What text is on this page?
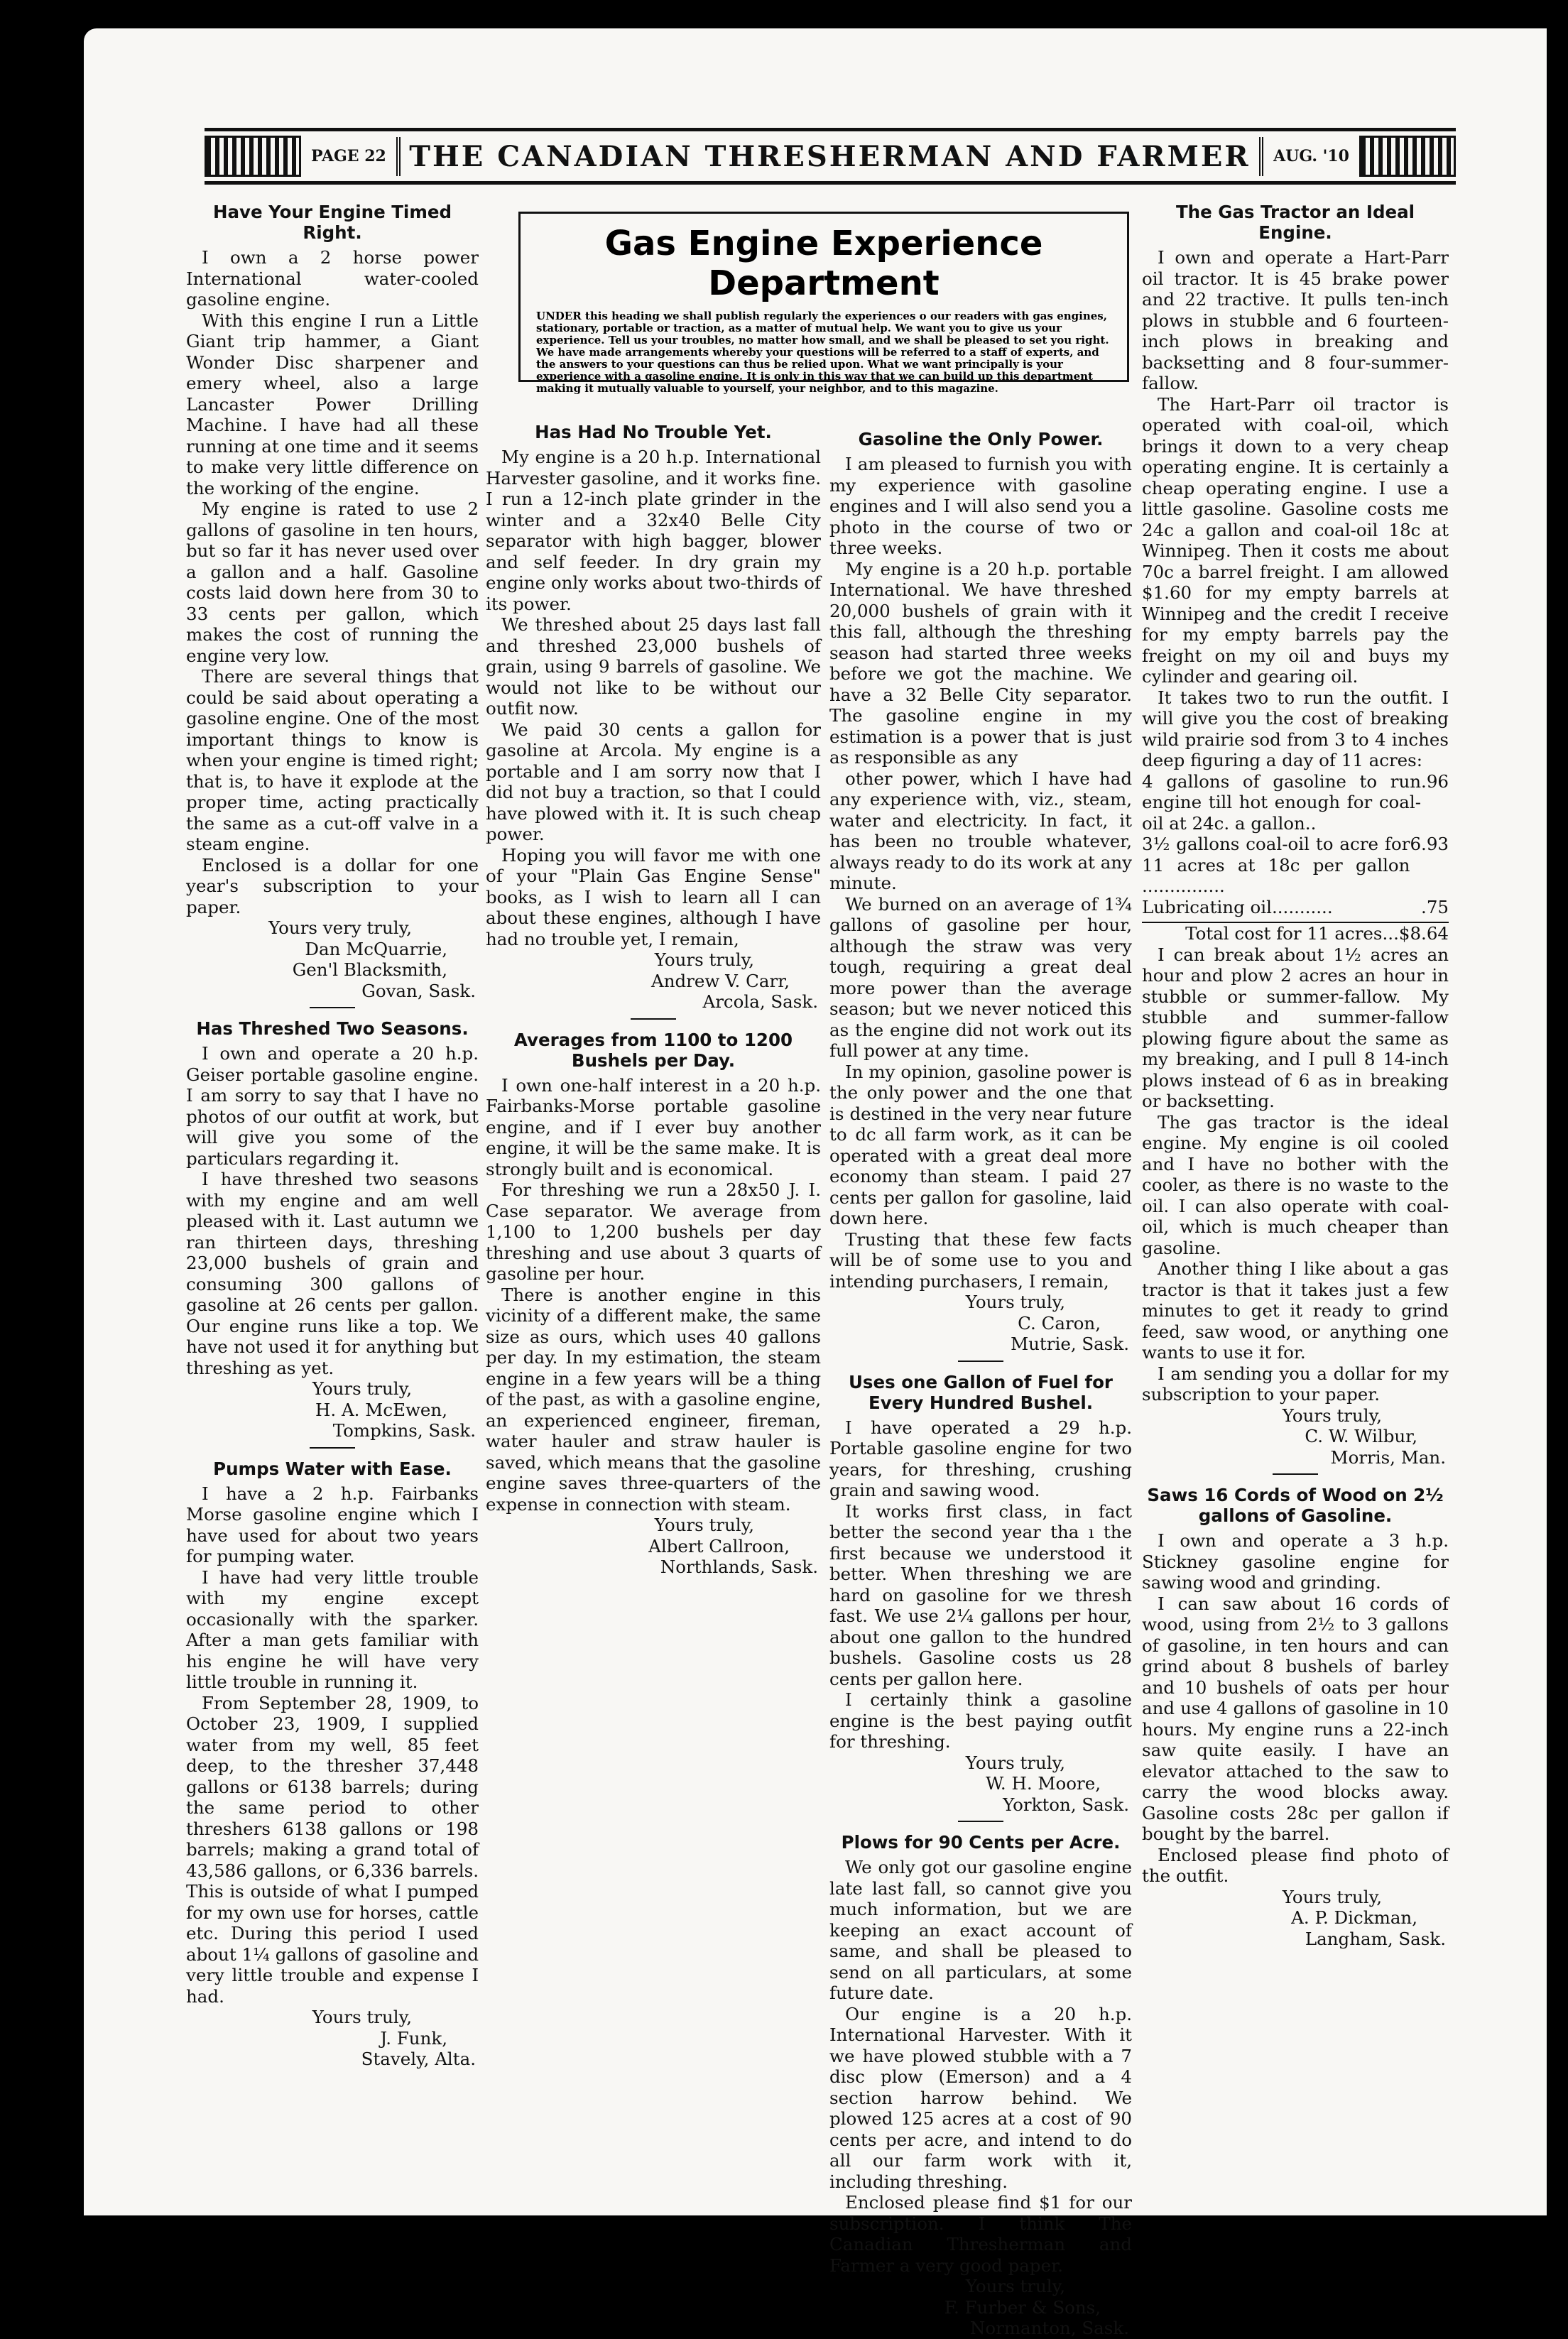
PAGE 22 THE CANADIAN THRESHERMAN AND FARMER	AUG. '10
Gas Engine Experience Department

UNDER this heading we shall publish regularly the experiences o our readers with gas engines, stationary, portable or traction, as a matter of mutual help. We want you to give us your experience. Tell us your troubles, no matter how small, and we shall be pleased to set you right. We have made arrangements whereby your questions will be referred to a staff of experts, and the answers to your questions can thus be relied upon. What we want principally is your experience with a gasoline engine. It is only in this way that we can build up this department making it mutually valuable to yourself, your neighbor, and to this magazine.

Have Your Engine Timed Right.

I own a 2 horse power International water-cooled gasoline engine.

With this engine I run a Little Giant trip hammer, a Giant Wonder Disc sharpener and emery wheel, also a large Lancaster Power Drilling Machine. I have had all these running at one time and it seems to make very little difference on the working of the engine.

My engine is rated to use 2 gallons of gasoline in ten hours, but so far it has never used over a gallon and a half. Gasoline costs laid down here from 30 to 33 cents per gallon, which makes the cost of running the engine very low.

There are several things that could be said about operating a gasoline engine. One of the most important things to know is when your engine is timed right; that is, to have it explode at the proper time, acting practically the same as a cut-off valve in a steam engine.

Enclosed is a dollar for one year's subscription to your paper.

Yours very truly,
Dan McQuarrie,
Gen'l Blacksmith,
Govan, Sask.
Has Threshed Two Seasons.

I own and operate a 20 h.p. Geiser portable gasoline engine. I am sorry to say that I have no photos of our outfit at work, but will give you some of the particulars regarding it.

I have threshed two seasons with my engine and am well pleased with it. Last autumn we ran thirteen days, threshing 23,000 bushels of grain and consuming 300 gallons of gasoline at 26 cents per gallon. Our engine runs like a top. We have not used it for anything but threshing as yet.

Yours truly,
H. A. McEwen,
Tompkins, Sask.
Pumps Water with Ease.

I have a 2 h.p. Fairbanks Morse gasoline engine which I have used for about two years for pumping water.

I have had very little trouble with my engine except occasionally with the sparker. After a man gets familiar with his engine he will have very little trouble in running it.

From September 28, 1909, to October 23, 1909, I supplied water from my well, 85 feet deep, to the thresher 37,448 gallons or 6138 barrels; during the same period to other threshers 6138 gallons or 198 barrels; making a grand total of 43,586 gallons, or 6,336 barrels. This is outside of what I pumped for my own use for horses, cattle etc. During this period I used about 1¼ gallons of gasoline and very little trouble and expense I had.

Yours truly,
J. Funk,
Stavely, Alta.
Has Had No Trouble Yet.

My engine is a 20 h.p. International Harvester gasoline, and it works fine. I run a 12-inch plate grinder in the winter and a 32x40 Belle City separator with high bagger, blower and self feeder. In dry grain my engine only works about two-thirds of its power.

We threshed about 25 days last fall and threshed 23,000 bushels of grain, using 9 barrels of gasoline. We would not like to be without our outfit now.

We paid 30 cents a gallon for gasoline at Arcola. My engine is a portable and I am sorry now that I did not buy a traction, so that I could have plowed with it. It is such cheap power.

Hoping you will favor me with one of your "Plain Gas Engine Sense" books, as I wish to learn all I can about these engines, although I have had no trouble yet, I remain,

Yours truly,
Andrew V. Carr,
Arcola, Sask.
Averages from 1100 to 1200 Bushels per Day.

I own one-half interest in a 20 h.p. Fairbanks-Morse portable gasoline engine, and if I ever buy another engine, it will be the same make. It is strongly built and is economical.

For threshing we run a 28x50 J. I. Case separator. We average from 1,100 to 1,200 bushels per day threshing and use about 3 quarts of gasoline per hour.

There is another engine in this vicinity of a different make, the same size as ours, which uses 40 gallons per day. In my estimation, the steam engine in a few years will be a thing of the past, as with a gasoline engine, an experienced engineer, fireman, water hauler and straw hauler is saved, which means that the gasoline engine saves three-quarters of the expense in connection with steam.

Yours truly,
Albert Callroon,
Northlands, Sask.
Gasoline the Only Power.

I am pleased to furnish you with my experience with gasoline engines and I will also send you a photo in the course of two or three weeks.

My engine is a 20 h.p. portable International. We have threshed 20,000 bushels of grain with it this fall, although the threshing season had started three weeks before we got the machine. We have a 32 Belle City separator. The gasoline engine in my estimation is a power that is just as responsible as any

other power, which I have had any experience with, viz., steam, water and electricity. In fact, it has been no trouble whatever, always ready to do its work at any minute.

We burned on an average of 1¾ gallons of gasoline per hour, although the straw was very tough, requiring a great deal more power than the average season; but we never noticed this as the engine did not work out its full power at any time.

In my opinion, gasoline power is the only power and the one that is destined in the very near future to dc all farm work, as it can be operated with a great deal more economy than steam. I paid 27 cents per gallon for gasoline, laid down here.

Trusting that these few facts will be of some use to you and intending purchasers, I remain,

Yours truly,
C. Caron,
Mutrie, Sask.
Uses one Gallon of Fuel for Every Hundred Bushel.

I have operated a 29 h.p. Portable gasoline engine for two years, for threshing, crushing grain and sawing wood.

It works first class, in fact better the second year tha ı the first because we understood it better. When threshing we are hard on gasoline for we thresh fast. We use 2¼ gallons per hour, about one gallon to the hundred bushels. Gasoline costs us 28 cents per gallon here.

I certainly think a gasoline engine is the best paying outfit for threshing.

Yours truly,
W. H. Moore,
Yorkton, Sask.
Plows for 90 Cents per Acre.

We only got our gasoline engine late last fall, so cannot give you much information, but we are keeping an exact account of same, and shall be pleased to send on all particulars, at some future date.

Our engine is a 20 h.p. International Harvester. With it we have plowed stubble with a 7 disc plow (Emerson) and a 4 section harrow behind. We plowed 125 acres at a cost of 90 cents per acre, and intend to do all our farm work with it, including threshing.

Enclosed please find $1 for our subscription. I think The Canadian Thresherman and Farmer a very good paper.

Yours truly,
F. Furber & Sons,
Normanton, Sask.
The Gas Tractor an Ideal Engine.

I own and operate a Hart-Parr oil tractor. It is 45 brake power and 22 tractive. It pulls ten-inch plows in stubble and 6 fourteen-inch plows in breaking and backsetting and 8 four-summer-fallow.

The Hart-Parr oil tractor is operated with coal-oil, which brings it down to a very cheap operating engine. It is certainly a cheap operating engine. I use a little gasoline. Gasoline costs me 24c a gallon and coal-oil 18c at Winnipeg. Then it costs me about 70c a barrel freight. I am allowed $1.60 for my empty barrels at Winnipeg and the credit I receive for my empty barrels pay the freight on my oil and buys my cylinder and gearing oil.

It takes two to run the outfit. I will give you the cost of breaking wild prairie sod from 3 to 4 inches deep figuring a day of 11 acres:

4 gallons of gasoline to run engine till hot enough for coal-oil at 24c. a gallon..
.96
3½ gallons coal-oil to acre for 11 acres at 18c per gallon ...............
6.93
Lubricating oil...........	.75
Total cost for 11 acres...$8.64

I can break about 1½ acres an hour and plow 2 acres an hour in stubble or summer-fallow. My stubble and summer-fallow plowing figure about the same as my breaking, and I pull 8 14-inch plows instead of 6 as in breaking or backsetting.

The gas tractor is the ideal engine. My engine is oil cooled and I have no bother with the cooler, as there is no waste to the oil. I can also operate with coal-oil, which is much cheaper than gasoline.

Another thing I like about a gas tractor is that it takes just a few minutes to get it ready to grind feed, saw wood, or anything one wants to use it for.

I am sending you a dollar for my subscription to your paper.

Yours truly,
C. W. Wilbur,
Morris, Man.
Saws 16 Cords of Wood on 2½ gallons of Gasoline.

I own and operate a 3 h.p. Stickney gasoline engine for sawing wood and grinding.

I can saw about 16 cords of wood, using from 2½ to 3 gallons of gasoline, in ten hours and can grind about 8 bushels of barley and 10 bushels of oats per hour and use 4 gallons of gasoline in 10 hours. My engine runs a 22-inch saw quite easily. I have an elevator attached to the saw to carry the wood blocks away. Gasoline costs 28c per gallon if bought by the barrel.

Enclosed please find photo of the outfit.

Yours truly,
A. P. Dickman,
Langham, Sask.
